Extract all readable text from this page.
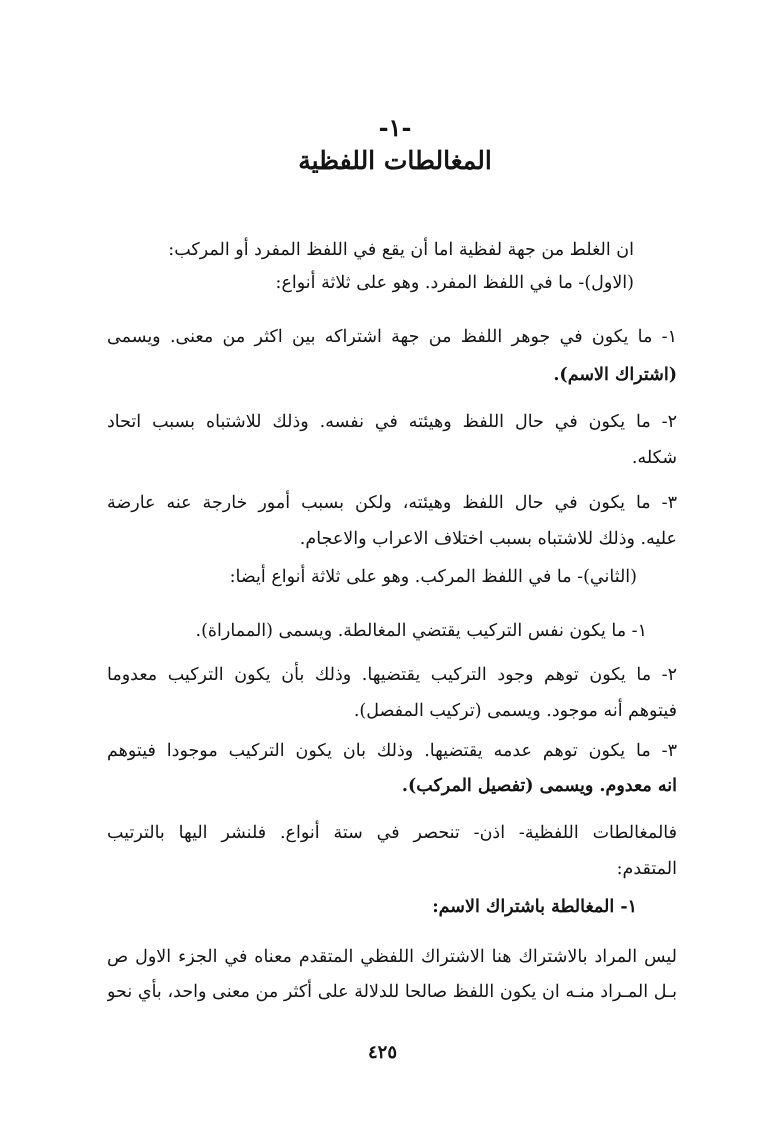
-١-
المغالطات اللفظية
ان الغلط من جهة لفظية اما أن يقع في اللفظ المفرد أو المركب:
(الاول)- ما في اللفظ المفرد. وهو على ثلاثة أنواع:
١- ما يكون في جوهر اللفظ من جهة اشتراكه بين اكثر من معنى. ويسمى
(اشتراك الاسم).
٢- ما يكون في حال اللفظ وهيئته في نفسه. وذلك للاشتباه بسبب اتحاد
شكله.
٣- ما يكون في حال اللفظ وهيئته، ولكن بسبب أمور خارجة عنه عارضة
عليه. وذلك للاشتباه بسبب اختلاف الاعراب والاعجام.
(الثاني)- ما في اللفظ المركب. وهو على ثلاثة أنواع أيضا:
١- ما يكون نفس التركيب يقتضي المغالطة. ويسمى (المماراة).
٢- ما يكون توهم وجود التركيب يقتضيها. وذلك بأن يكون التركيب معدوما
فيتوهم أنه موجود. ويسمى (تركيب المفصل).
٣- ما يكون توهم عدمه يقتضيها. وذلك بان يكون التركيب موجودا فيتوهم
انه معدوم. ويسمى (تفصيل المركب).
فالمغالطات اللفظية- اذن- تنحصر في ستة أنواع. فلنشر اليها بالترتيب
المتقدم:
١- المغالطة باشتراك الاسم:
ليس المراد بالاشتراك هنا الاشتراك اللفظي المتقدم معناه في الجزء الاول ص
بـل المـراد منـه ان يكون اللفظ صالحا للدلالة على أكثر من معنى واحد، بأي نحو
٤٢٥
